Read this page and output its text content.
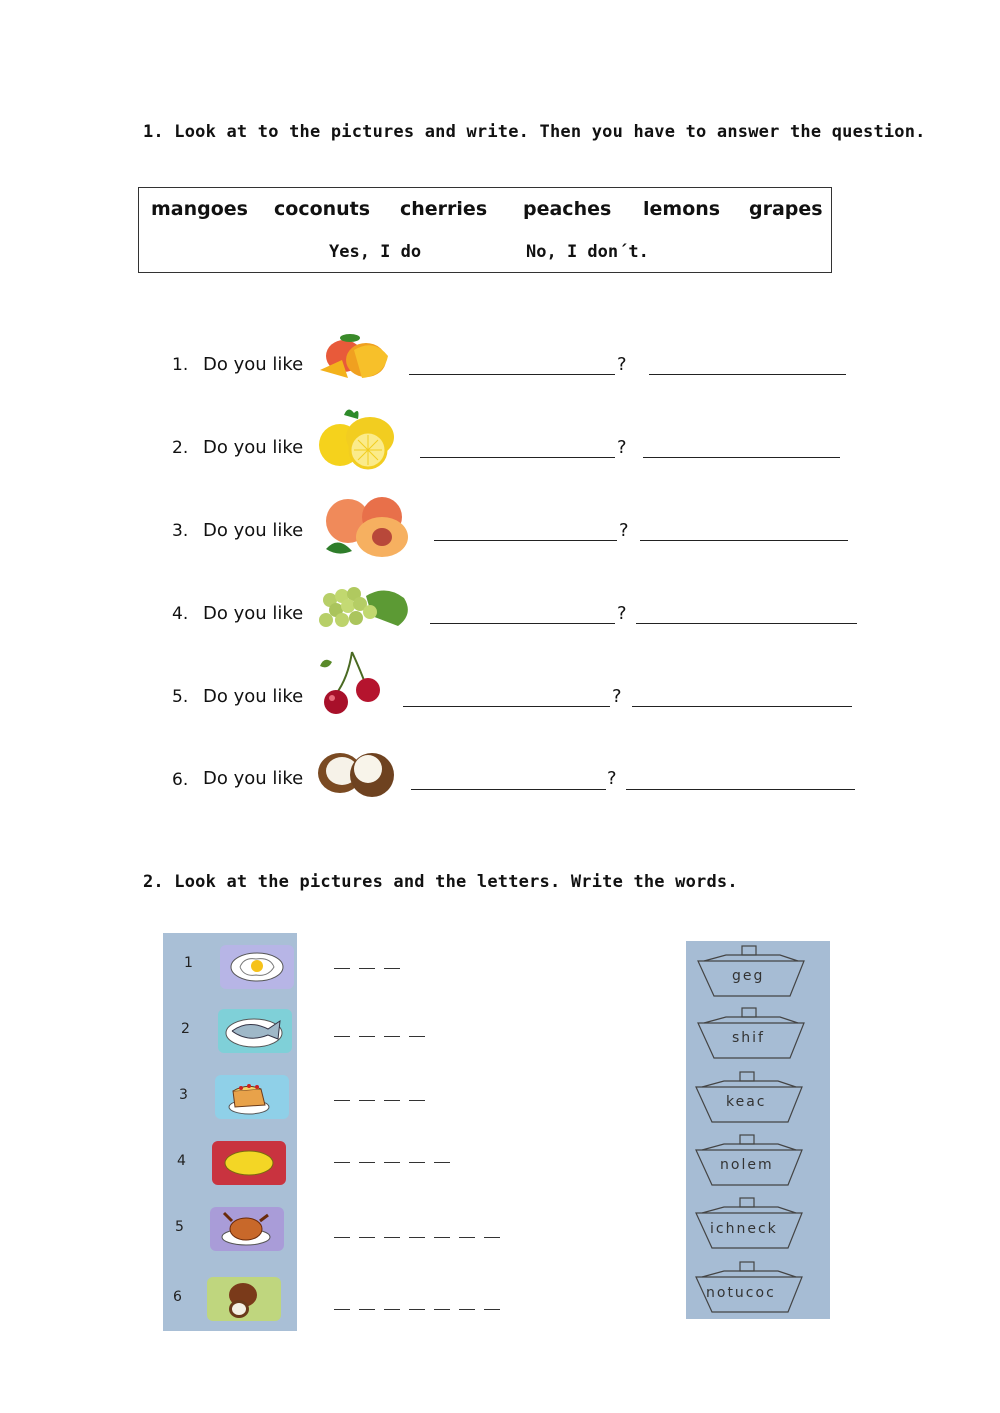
1. Look at to the pictures and write. Then you have to answer the question.
mangoes coconuts cherries peaches lemons grapes
Yes, I do	No, I don´t.
1. Do you like	?
2. Do you like	?
3. Do you like	?
4. Do you like	?
5. Do you like	?
6. Do you like	?
2. Look at the pictures and the letters. Write the words.
1
2
3
4
5
6
geg
shif
keac
nolem
ichneck
notucoc
